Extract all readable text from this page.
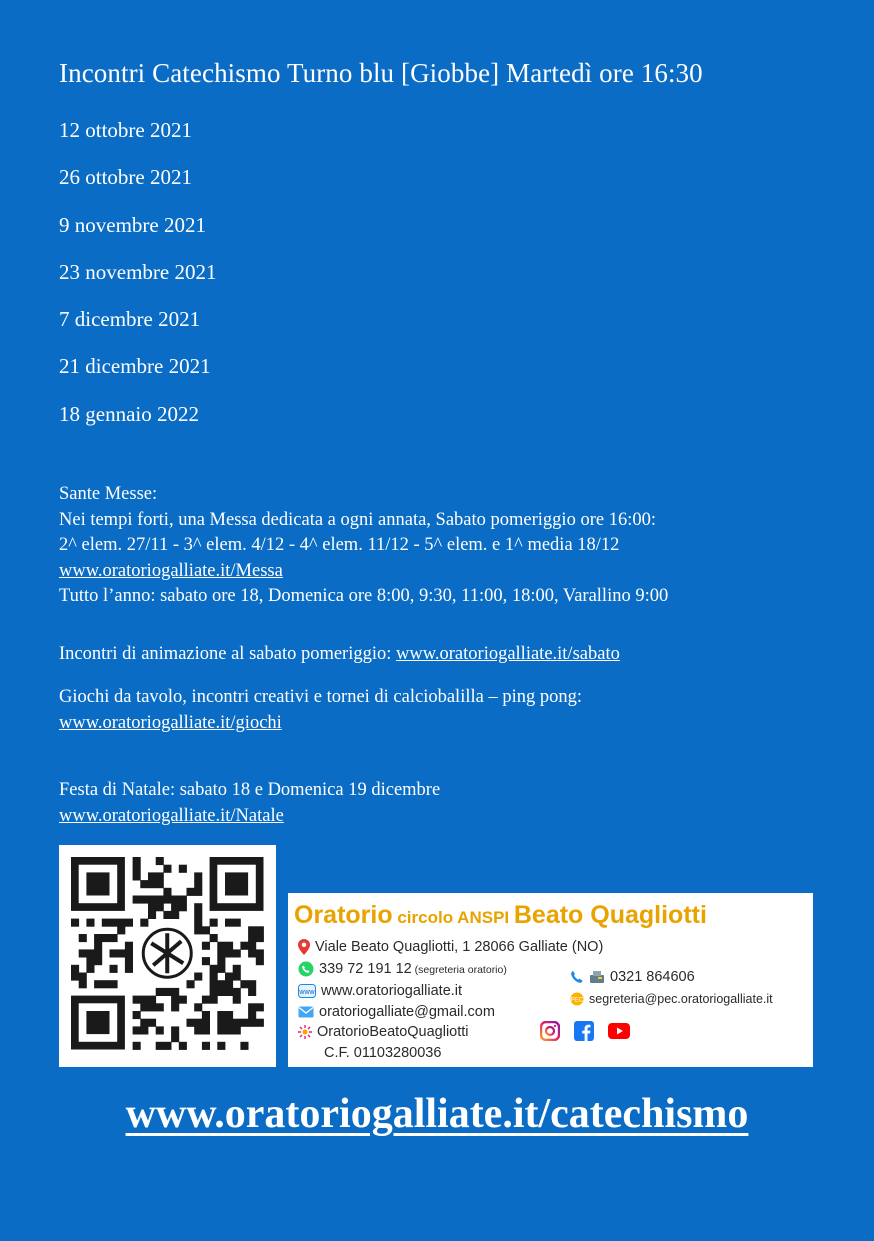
Incontri Catechismo Turno blu [Giobbe] Martedì ore 16:30
12 ottobre 2021
26 ottobre 2021
9 novembre 2021
23 novembre 2021
7 dicembre 2021
21 dicembre 2021
18 gennaio 2022
Sante Messe:
Nei tempi forti, una Messa dedicata a ogni annata, Sabato pomeriggio ore 16:00:
2^ elem. 27/11 - 3^ elem. 4/12 - 4^ elem. 11/12 - 5^ elem. e 1^ media 18/12
www.oratoriogalliate.it/Messa
Tutto l’anno: sabato ore 18, Domenica ore 8:00, 9:30, 11:00, 18:00, Varallino 9:00
Incontri di animazione al sabato pomeriggio: www.oratoriogalliate.it/sabato
Giochi da tavolo, incontri creativi e tornei di calciobalilla – ping pong:
www.oratoriogalliate.it/giochi
Festa di Natale: sabato 18 e Domenica 19 dicembre
www.oratoriogalliate.it/Natale
Oratorio circolo ANSPI Beato Quagliotti
Viale Beato Quagliotti, 1 28066 Galliate (NO)
339 72 191 12 (segreteria oratorio)	0321 864606
www www.oratoriogalliate.it
PEC segreteria@pec.oratoriogalliate.it
oratoriogalliate@gmail.com
OratorioBeatoQuagliotti
C.F. 01103280036
www.oratoriogalliate.it/catechismo
